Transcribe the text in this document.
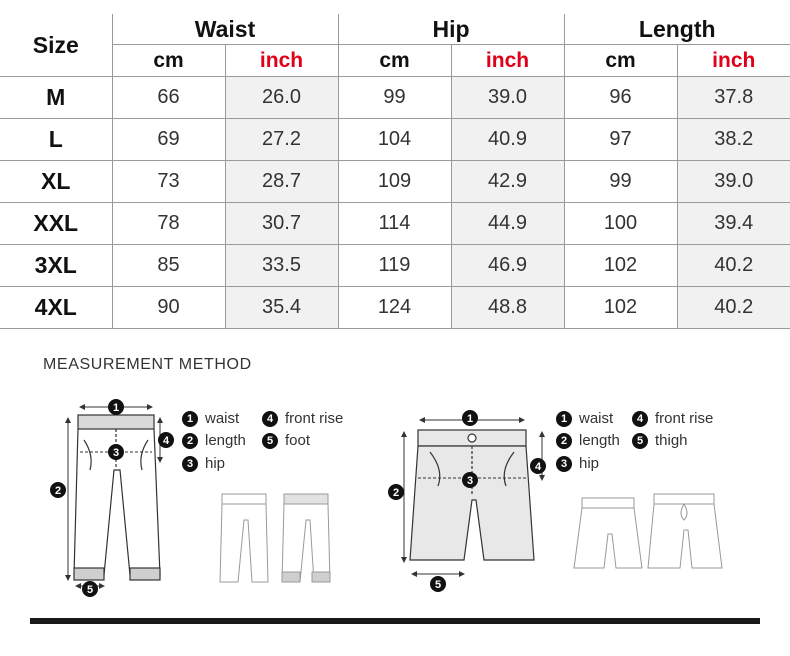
Size	Waist		Hip		Length	
	cm	inch	cm	inch	cm	inch
M	66	26.0	99	39.0	96	37.8
L	69	27.2	104	40.9	97	38.2
XL	73	28.7	109	42.9	99	39.0
XXL	78	30.7	114	44.9	100	39.4
3XL	85	33.5	119	46.9	102	40.2
4XL	90	35.4	124	48.8	102	40.2
MEASUREMENT METHOD
1
2
3
4
5
1
2
3
4
5
1 waist
2 length
3 hip
4 front rise
5 foot
1 waist
2 length
3 hip
4 front rise
5 thigh
